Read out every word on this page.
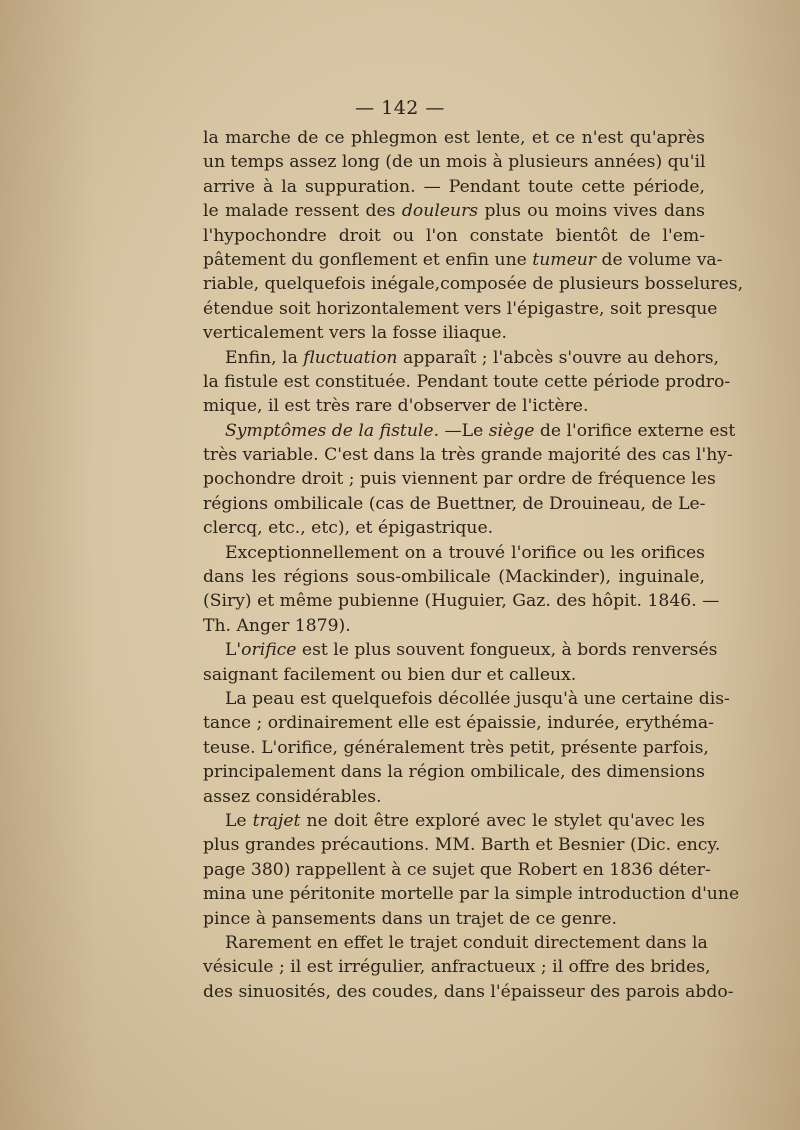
— 142 —
la marche de ce phlegmon est lente, et ce n'est qu'après
un temps assez long (de un mois à plusieurs années) qu'il
arrive à la suppuration. — Pendant toute cette période,
le malade ressent des douleurs plus ou moins vives dans
l'hypochondre droit ou l'on constate bientôt de l'em-
pâtement du gonflement et enfin une tumeur de volume va-
riable, quelquefois inégale,composée de plusieurs bosselures,
étendue soit horizontalement vers l'épigastre, soit presque
verticalement vers la fosse iliaque.
Enfin, la fluctuation apparaît ; l'abcès s'ouvre au dehors,
la fistule est constituée. Pendant toute cette période prodro-
mique, il est très rare d'observer de l'ictère.
Symptômes de la fistule. —Le siège de l'orifice externe est
très variable. C'est dans la très grande majorité des cas l'hy-
pochondre droit ; puis viennent par ordre de fréquence les
régions ombilicale (cas de Buettner, de Drouineau, de Le-
clercq, etc., etc), et épigastrique.
Exceptionnellement on a trouvé l'orifice ou les orifices
dans les régions sous-ombilicale (Mackinder), inguinale,
(Siry) et même pubienne (Huguier, Gaz. des hôpit. 1846. —
Th. Anger 1879).
L'orifice est le plus souvent fongueux, à bords renversés
saignant facilement ou bien dur et calleux.
La peau est quelquefois décollée jusqu'à une certaine dis-
tance ; ordinairement elle est épaissie, indurée, erythéma-
teuse. L'orifice, généralement très petit, présente parfois,
principalement dans la région ombilicale, des dimensions
assez considérables.
Le trajet ne doit être exploré avec le stylet qu'avec les
plus grandes précautions. MM. Barth et Besnier (Dic. ency.
page 380) rappellent à ce sujet que Robert en 1836 déter-
mina une péritonite mortelle par la simple introduction d'une
pince à pansements dans un trajet de ce genre.
Rarement en effet le trajet conduit directement dans la
vésicule ; il est irrégulier, anfractueux ; il offre des brides,
des sinuosités, des coudes, dans l'épaisseur des parois abdo-
